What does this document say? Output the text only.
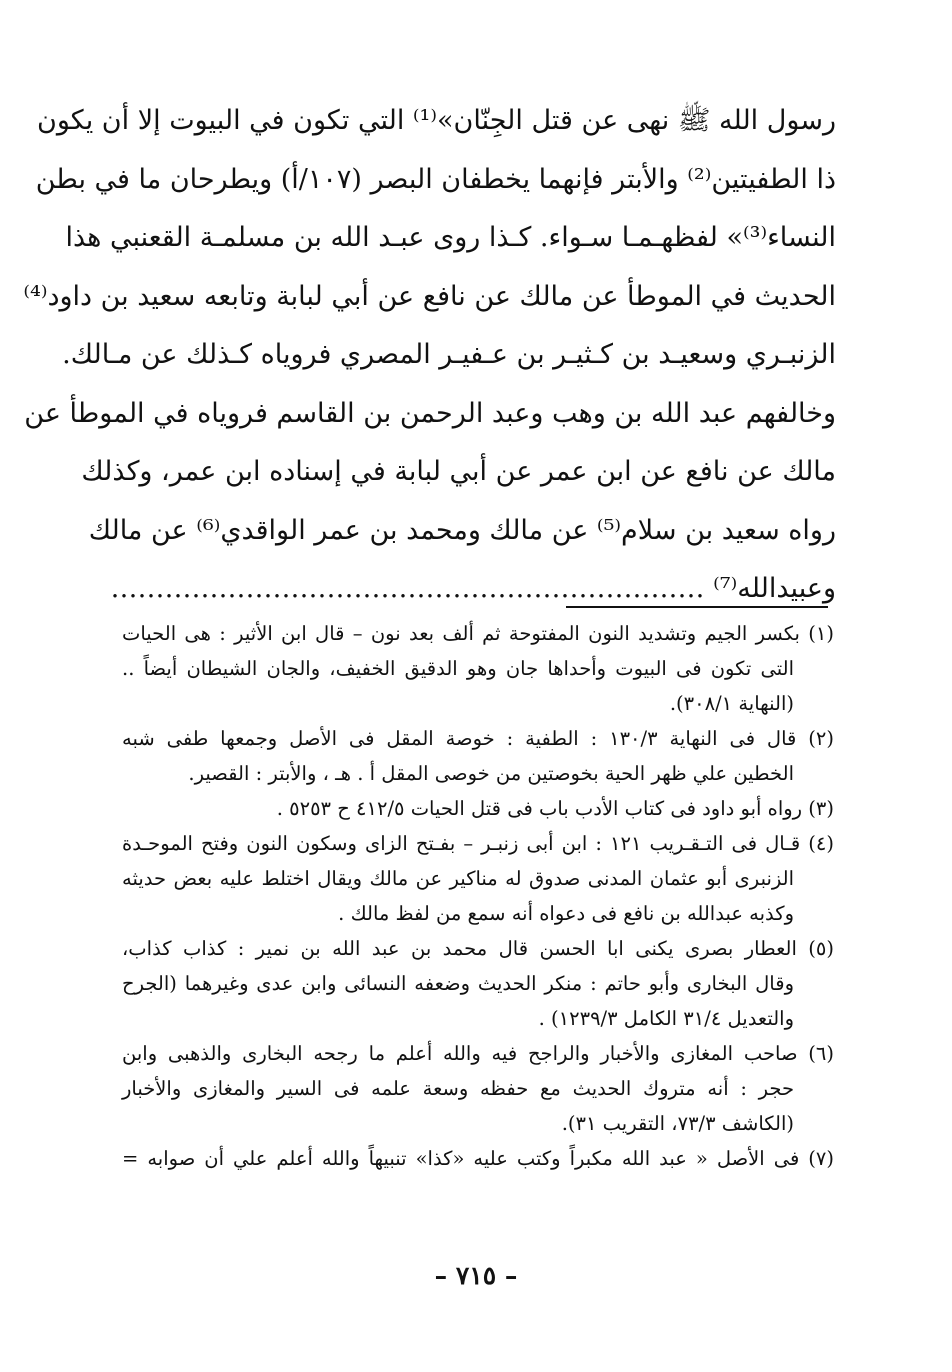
رسول الله ﷺ نهى عن قتل الجِنّان»⁽¹⁾ التي تكون في البيوت إلا أن يكون
ذا الطفيتين⁽²⁾ والأبتر فإنهما يخطفان البصر (١٠٧/أ) ويطرحان ما في بطن
النساء⁽³⁾» لفظهـمـا سـواء. كـذا روى عبـد الله بن مسلمـة القعنبي هذا
الحديث في الموطأ عن مالك عن نافع عن أبي لبابة وتابعه سعيد بن داود⁽⁴⁾
الزنبـري وسعيـد بن كـثيـر بن عـفيـر المصري فروياه كـذلك عن مـالك.
وخالفهم عبد الله بن وهب وعبد الرحمن بن القاسم فروياه في الموطأ عن
مالك عن نافع عن ابن عمر عن أبي لبابة في إسناده ابن عمر، وكذلك
رواه سعيد بن سلام⁽⁵⁾ عن مالك ومحمد بن عمر الواقدي⁽⁶⁾ عن مالك
وعبيدالله⁽⁷⁾ …………………………………………………………
(١) بكسر الجيم وتشديد النون المفتوحة ثم ألف بعد نون – قال ابن الأثير : هى الحيات
التى تكون فى البيوت وأحداها جان وهو الدقيق الخفيف، والجان الشيطان أيضاً ..
(النهاية ٣٠٨/١).
(٢) قال فى النهاية ١٣٠/٣ : الطفية : خوصة المقل فى الأصل وجمعها طفى شبه
الخطين علي ظهر الحية بخوصتين من خوصى المقل أ . هـ ، والأبتر : القصير.
(٣) رواه أبو داود فى كتاب الأدب باب فى قتل الحيات ٤١٢/٥ ح ٥٢٥٣ .
(٤) قـال فى التـقـريب ١٢١ : ابن أبى زنبـر – بفـتح الزاى وسكون النون وفتح الموحـدة
الزنبرى أبو عثمان المدنى صدوق له مناكير عن مالك ويقال اختلط عليه بعض حديثه
وكذبه عبدالله بن نافع فى دعواه أنه سمع من لفظ مالك .
(٥) العطار بصرى يكنى ابا الحسن قال محمد بن عبد الله بن نمير : كذاب كذاب،
وقال البخارى وأبو حاتم : منكر الحديث وضعفه النسائى وابن عدى وغيرهما (الجرح
والتعديل ٣١/٤ الكامل ١٢٣٩/٣) .
(٦) صاحب المغازى والأخبار والراجح فيه والله أعلم ما رجحه البخارى والذهبى وابن
حجر : أنه متروك الحديث مع حفظه وسعة علمه فى السير والمغازى والأخبار
(الكاشف ٧٣/٣، التقريب ٣١).
(٧) فى الأصل « عبد الله مكبراً وكتب عليه «كذا» تنبيهاً والله أعلم علي أن صوابه =
– ٧١٥ –
